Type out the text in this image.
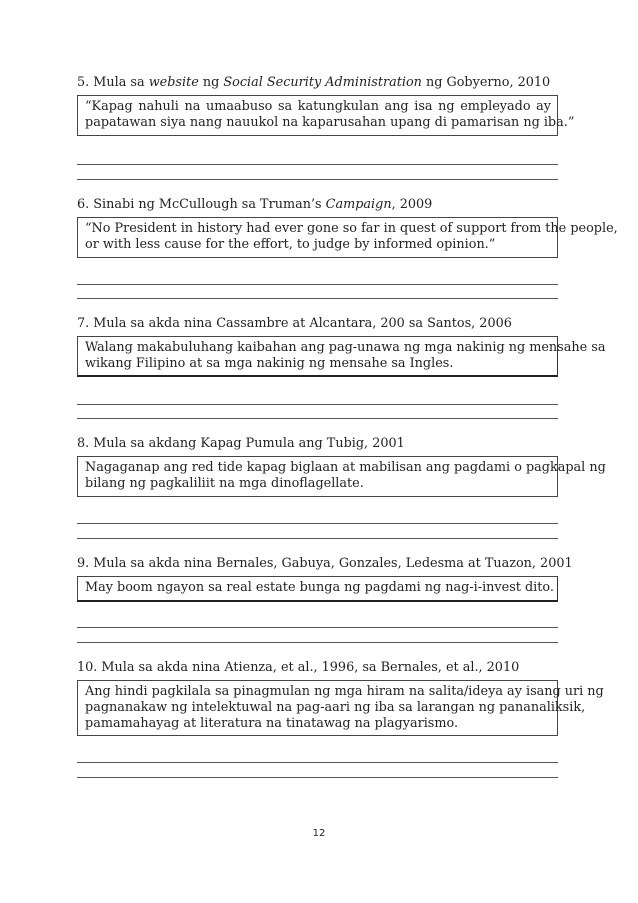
5. Mula sa website ng Social Security Administration ng Gobyerno, 2010

“Kapag nahuli na umaabuso sa katungkulan ang isa ng empleyado ay
papatawan siya nang nauukol na kaparusahan upang di pamarisan ng iba.”

6. Sinabi ng McCullough sa Truman’s Campaign, 2009

“No President in history had ever gone so far in quest of support from the people,
or with less cause for the effort, to judge by informed opinion.”

7. Mula sa akda nina Cassambre at Alcantara, 200 sa Santos, 2006

Walang makabuluhang kaibahan ang pag-unawa ng mga nakinig ng mensahe sa
wikang Filipino at sa mga nakinig ng mensahe sa Ingles.

8. Mula sa akdang Kapag Pumula ang Tubig, 2001

Nagaganap ang red tide kapag biglaan at mabilisan ang pagdami o pagkapal ng
bilang ng pagkaliliit na mga dinoflagellate.

9. Mula sa akda nina Bernales, Gabuya, Gonzales, Ledesma at Tuazon, 2001

May boom ngayon sa real estate bunga ng pagdami ng nag-i-invest dito.

10. Mula sa akda nina Atienza, et al., 1996, sa Bernales, et al., 2010

Ang hindi pagkilala sa pinagmulan ng mga hiram na salita/ideya ay isang uri ng
pagnanakaw ng intelektuwal na pag-aari ng iba sa larangan ng pananaliksik,
pamamahayag at literatura na tinatawag na plagyarismo.
12
